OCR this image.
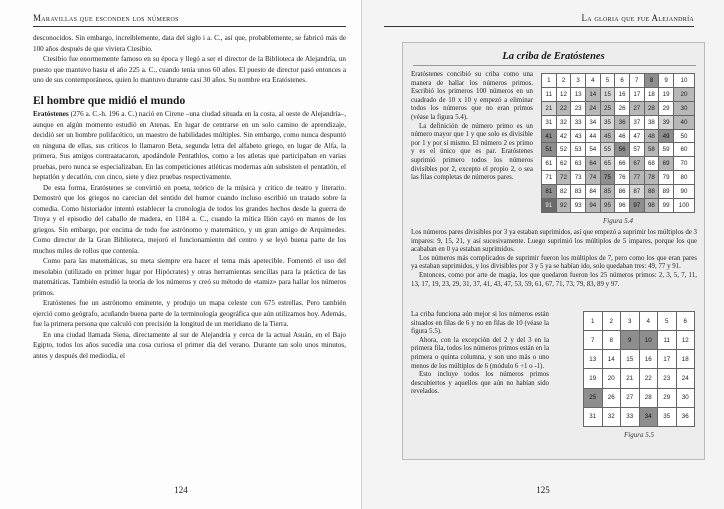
Maravillas que esconden los números

desconocidos. Sin embargo, increíblemente, data del siglo i a. C., así que, probablemente, se fabricó más de 100 años después de que viviera Ctesibio.

Ctesibio fue enormemente famoso en su época y llegó a ser el director de la Biblioteca de Alejandría, un puesto que mantuvo hasta el año 225 a. C., cuando tenía unos 60 años. El puesto de director pasó entonces a uno de sus contemporáneos, quien lo mantuvo durante casi 30 años. Su nombre era Eratóstenes.

El hombre que midió el mundo

Eratóstenes (276 a. C.-h. 196 a. C.) nació en Cirene –una ciudad situada en la costa, al oeste de Alejandría–, aunque en algún momento estudió en Atenas. En lugar de centrarse en un solo camino de aprendizaje, decidió ser un hombre polifacético, un maestro de habilidades múltiples. Sin embargo, como nunca despuntó en ninguna de ellas, sus críticos lo llamaron Beta, segunda letra del alfabeto griego, en lugar de Alfa, la primera. Sus amigos contraatacaron, apodándole Pentathlos, como a los atletas que participaban en varias pruebas, pero nunca se especializaban. En las competiciones atléticas modernas aún subsisten el pentatlón, el heptatlón y decatlón, con cinco, siete y diez pruebas respectivamente.

De esta forma, Eratóstenes se convirtió en poeta, teórico de la música y crítico de teatro y literario. Demostró que los griegos no carecían del sentido del humor cuando incluso escribió un tratado sobre la comedia. Como historiador intentó establecer la cronología de todos los grandes hechos desde la guerra de Troya y el episodio del caballo de madera, en 1184 a. C., cuando la mítica Ilión cayó en manos de los griegos. Sin embargo, por encima de todo fue astrónomo y matemático, y un gran amigo de Arquímedes. Como director de la Gran Biblioteca, mejoró el funcionamiento del centro y se leyó buena parte de los muchos miles de rollos que contenía.

Como para las matemáticas, su meta siempre era hacer el tema más apetecible. Fomentó el uso del mesolabio (utilizado en primer lugar por Hipócrates) y otras herramientas sencillas para la práctica de las matemáticas. También estudió la teoría de los números y creó su método de «tamiz» para hallar los números primos.

Eratóstenes fue un astrónomo eminente, y produjo un mapa celeste con 675 estrellas. Pero también ejerció como geógrafo, acuñando buena parte de la terminología geográfica que aún utilizamos hoy. Además, fue la primera persona que calculó con precisión la longitud de un meridiano de la Tierra.

En una ciudad llamada Siena, directamente al sur de Alejandría y cerca de la actual Asuán, en el Bajo Egipto, todos los años sucedía una cosa curiosa el primer día del verano. Durante tan solo unos minutos, antes y después del mediodía, el

124
La gloria que fue Alejandría
125
La criba de Eratóstenes

Eratóstenes concibió su criba como una manera de hallar los números primos. Escribió los primeros 100 números en un cuadrado de 10 x 10 y empezó a eliminar todos los números que no eran primos (véase la figura 5.4).

La definición de número primo es un número mayor que 1 y que solo es divisible por 1 y por sí mismo. El número 2 es primo y es el único que es par. Eratóstenes suprimió primero todos los números divisibles por 2, excepto el propio 2, o sea las filas completas de números pares.

1	2	3	4	5	6	7	8	9	10
11	12	13	14	15	16	17	18	19	20
21	22	23	24	25	26	27	28	29	30
31	32	33	34	35	36	37	38	39	40
41	42	43	44	45	46	47	48	49	50
51	52	53	54	55	56	57	58	59	60
61	62	63	64	65	66	67	68	69	70
71	72	73	74	75	76	77	78	79	80
81	82	83	84	85	86	87	88	89	90
91	92	93	94	95	96	97	98	99	100
Figura 5.4

Los números pares divisibles por 3 ya estaban suprimidos, así que empezó a suprimir los múltiplos de 3 impares: 9, 15, 21, y así sucesivamente. Luego suprimió los múltiplos de 5 impares, porque los que acababan en 0 ya estaban suprimidos.

Los números más complicados de suprimir fueron los múltiplos de 7, pero como los que eran pares ya estaban suprimidos, y los divisibles por 3 y 5 ya se habían ido, solo quedaban tres: 49, 77 y 91.

Entonces, como por arte de magia, los que quedaron fueron los 25 números primos: 2, 3, 5, 7, 11, 13, 17, 19, 23, 29, 31, 37, 41, 43, 47, 53, 59, 61, 67, 71, 73, 79, 83, 89 y 97.

La criba funciona aún mejor si los números están situados en filas de 6 y no en filas de 10 (véase la figura 5.5).

Ahora, con la excepción del 2 y del 3 en la primera fila, todos los números primos están en la primera o quinta columna, y son uno más o uno menos de los múltiplos de 6 (módulo 6 +1 o -1).

Esto incluye todos los números primos descubiertos y aquellos que aún no habían sido revelados.

1	2	3	4	5	6
7	8	9	10	11	12
13	14	15	16	17	18
19	20	21	22	23	24
25	26	27	28	29	30
31	32	33	34	35	36
Figura 5.5
